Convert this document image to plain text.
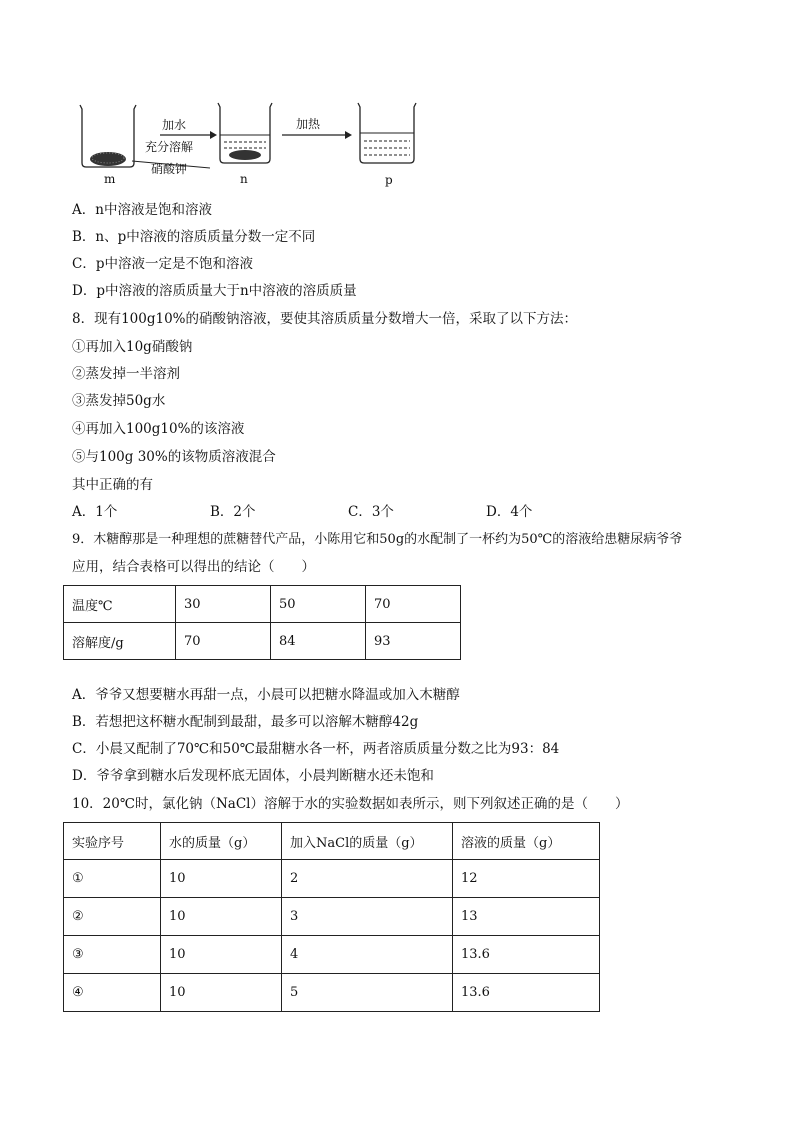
m	n	p
加水
充分溶解
硝酸钾
加热
A．n中溶液是饱和溶液
B．n、p中溶液的溶质质量分数一定不同
C．p中溶液一定是不饱和溶液
D．p中溶液的溶质质量大于n中溶液的溶质质量
8．现有100g10%的硝酸钠溶液，要使其溶质质量分数增大一倍，采取了以下方法：
①再加入10g硝酸钠
②蒸发掉一半溶剂
③蒸发掉50g水
④再加入100g10%的该溶液
⑤与100g 30%的该物质溶液混合
其中正确的有
A．1个	B．2个	C．3个	D．4个
9．木糖醇那是一种理想的蔗糖替代产品，小陈用它和50g的水配制了一杯约为50℃的溶液给患糖尿病爷爷
应用，结合表格可以得出的结论（　　）
温度℃	30	50	70
溶解度/g	70	84	93
A．爷爷又想要糖水再甜一点，小晨可以把糖水降温或加入木糖醇
B．若想把这杯糖水配制到最甜，最多可以溶解木糖醇42g
C．小晨又配制了70℃和50℃最甜糖水各一杯，两者溶质质量分数之比为93：84
D．爷爷拿到糖水后发现杯底无固体，小晨判断糖水还未饱和
10．20℃时，氯化钠（NaCl）溶解于水的实验数据如表所示，则下列叙述正确的是（　　）
实验序号	水的质量（g）	加入NaCl的质量（g）	溶液的质量（g）
①	10	2	12
②	10	3	13
③	10	4	13.6
④	10	5	13.6
